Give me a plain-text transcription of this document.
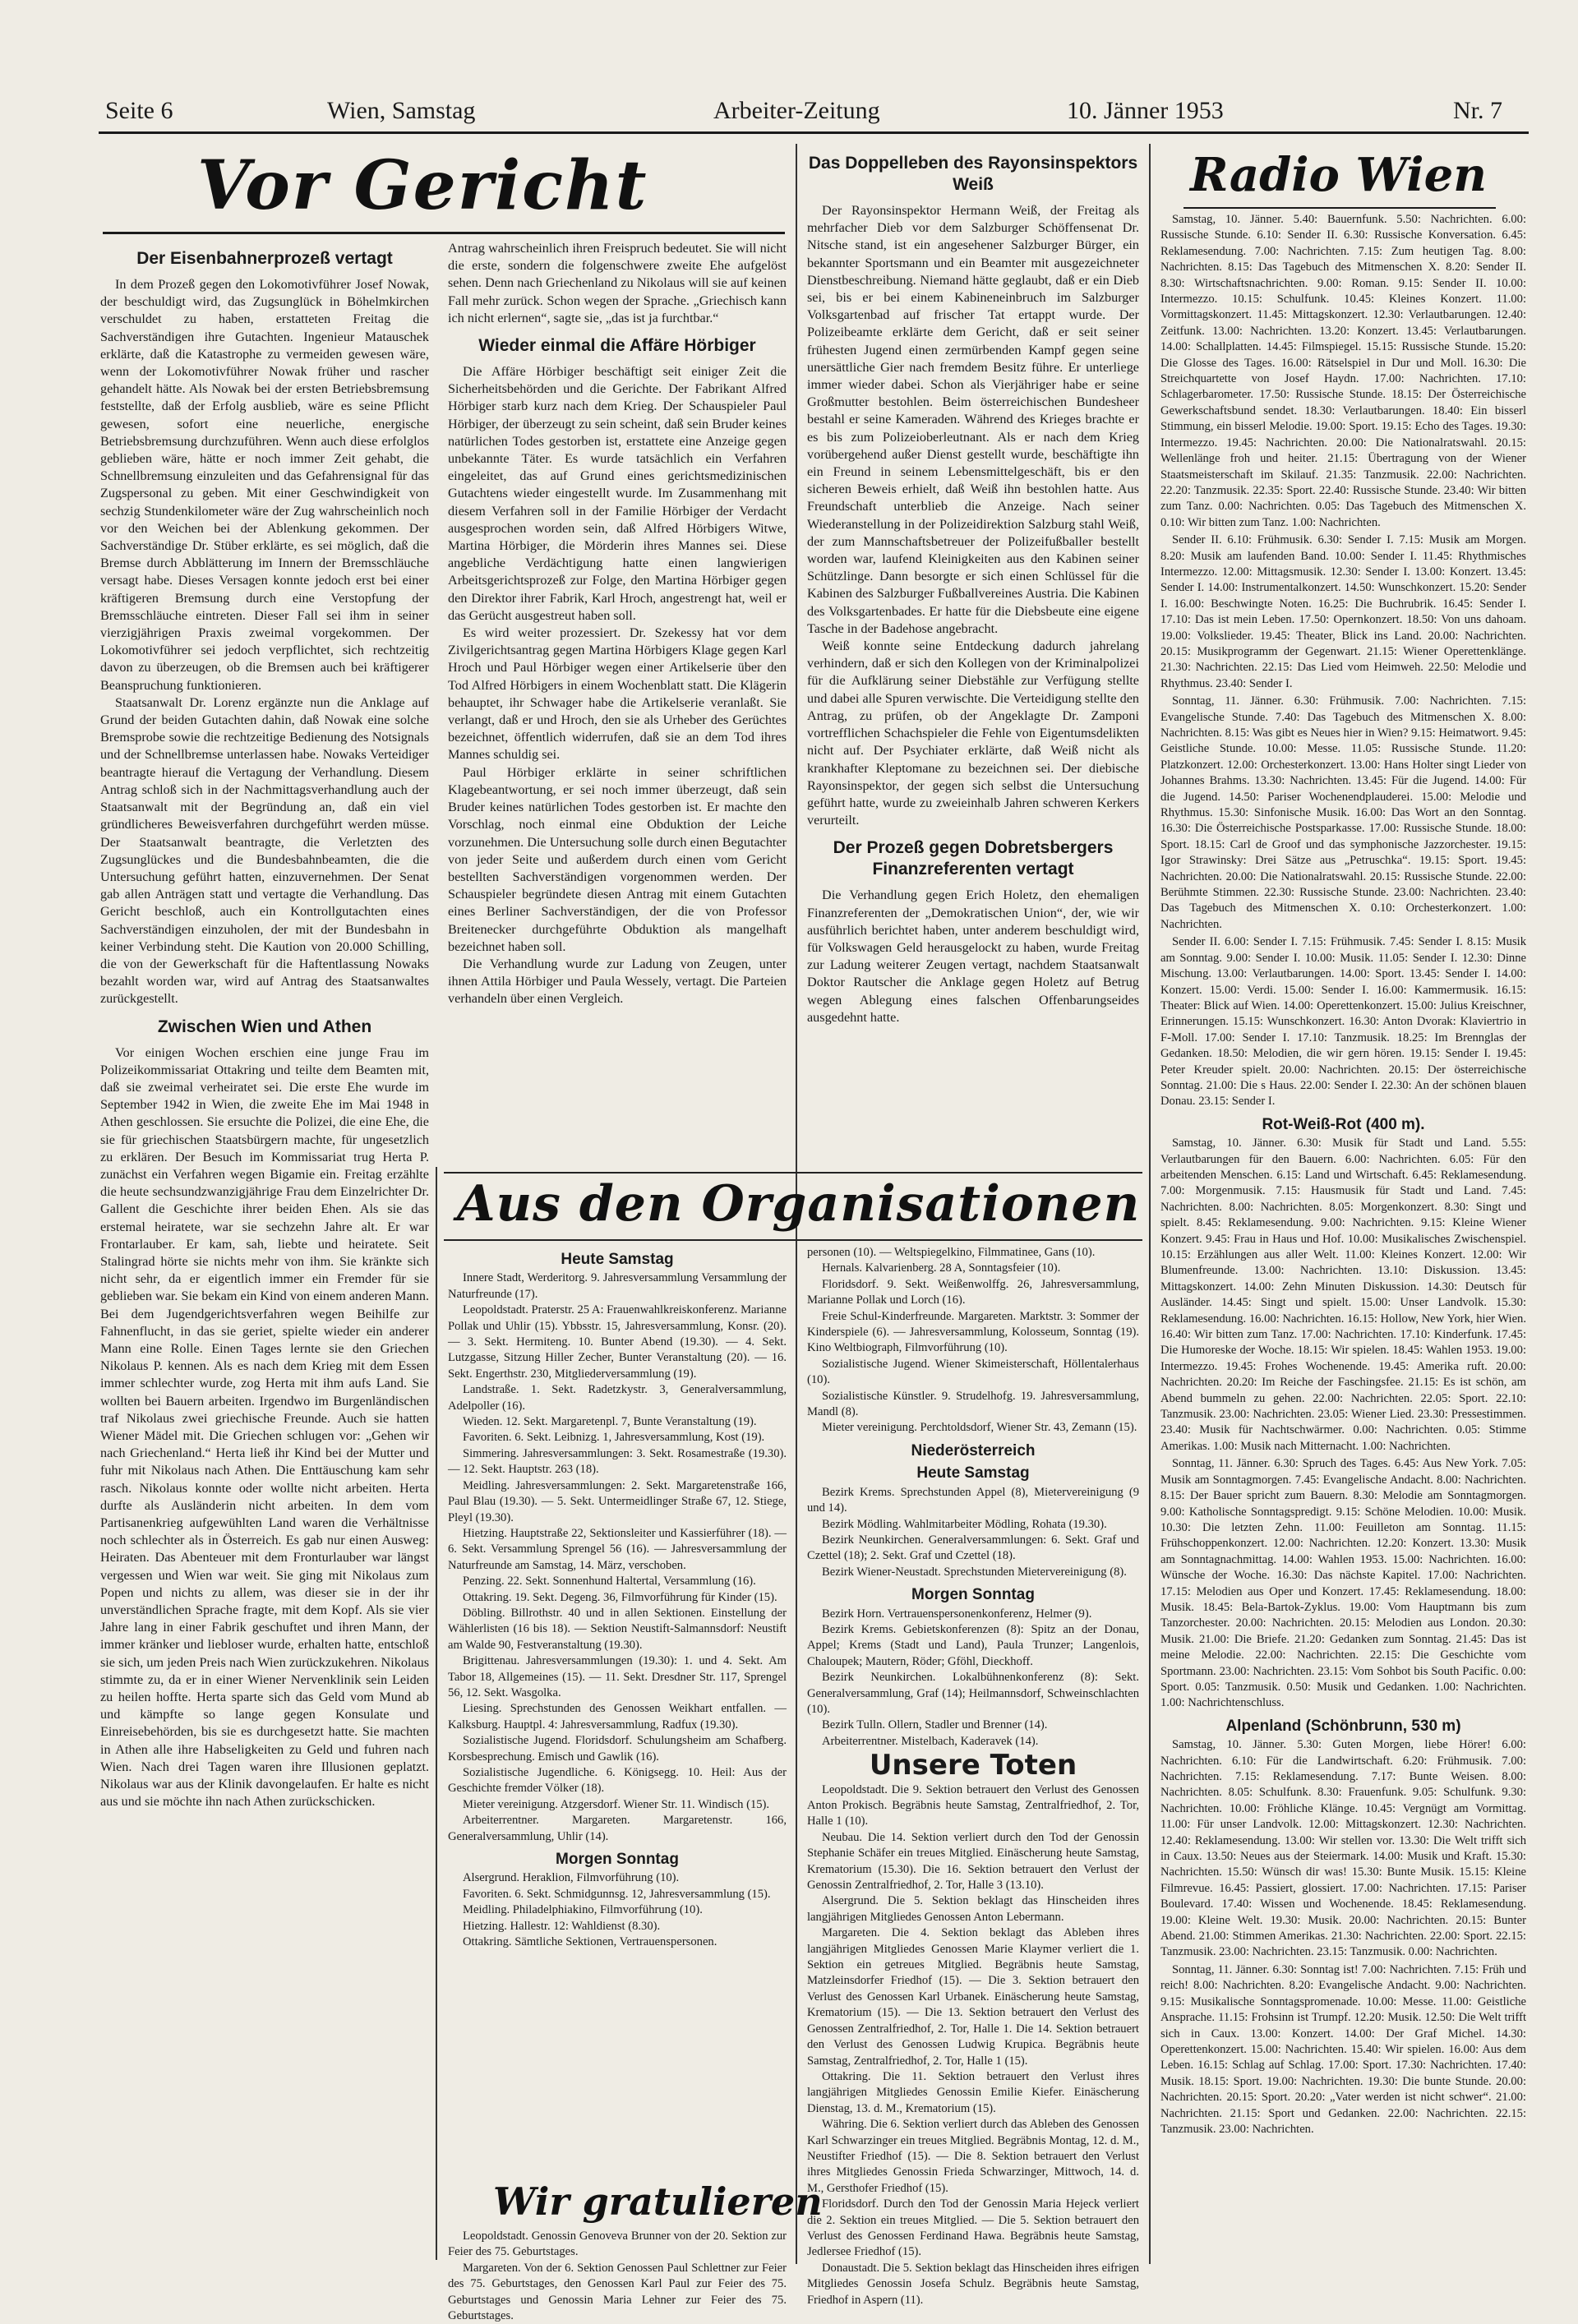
Seite 6	Wien, Samstag	Arbeiter-Zeitung	10. Jänner 1953	Nr. 7
Vor Gericht
Der Eisenbahnerprozeß vertagt

In dem Prozeß gegen den Lokomotivführer Josef Nowak, der beschuldigt wird, das Zugsunglück in Böhelmkirchen verschuldet zu haben, erstatteten Freitag die Sachverständigen ihre Gutachten. Ingenieur Matauschek erklärte, daß die Katastrophe zu vermeiden gewesen wäre, wenn der Lokomotivführer Nowak früher und rascher gehandelt hätte. Als Nowak bei der ersten Betriebsbremsung feststellte, daß der Erfolg ausblieb, wäre es seine Pflicht gewesen, sofort eine neuerliche, energische Betriebsbremsung durchzuführen. Wenn auch diese erfolglos geblieben wäre, hätte er noch immer Zeit gehabt, die Schnellbremsung einzuleiten und das Gefahrensignal für das Zugspersonal zu geben. Mit einer Geschwindigkeit von sechzig Stundenkilometer wäre der Zug wahrscheinlich noch vor den Weichen bei der Ablenkung gekommen. Der Sachverständige Dr. Stüber erklärte, es sei möglich, daß die Bremse durch Abblätterung im Innern der Bremsschläuche versagt habe. Dieses Versagen konnte jedoch erst bei einer kräftigeren Bremsung durch eine Verstopfung der Bremsschläuche eintreten. Dieser Fall sei ihm in seiner vierzigjährigen Praxis zweimal vorgekommen. Der Lokomotivführer sei jedoch verpflichtet, sich rechtzeitig davon zu überzeugen, ob die Bremsen auch bei kräftigerer Beanspruchung funktionieren.

Staatsanwalt Dr. Lorenz ergänzte nun die Anklage auf Grund der beiden Gutachten dahin, daß Nowak eine solche Bremsprobe sowie die rechtzeitige Bedienung des Notsignals und der Schnellbremse unterlassen habe. Nowaks Verteidiger beantragte hierauf die Vertagung der Verhandlung. Diesem Antrag schloß sich in der Nachmittagsverhandlung auch der Staatsanwalt mit der Begründung an, daß ein viel gründlicheres Beweisverfahren durchgeführt werden müsse. Der Staatsanwalt beantragte, die Verletzten des Zugsunglückes und die Bundesbahnbeamten, die die Untersuchung geführt hatten, einzuvernehmen. Der Senat gab allen Anträgen statt und vertagte die Verhandlung. Das Gericht beschloß, auch ein Kontrollgutachten eines Sachverständigen einzuholen, der mit der Bundesbahn in keiner Verbindung steht. Die Kaution von 20.000 Schilling, die von der Gewerkschaft für die Haftentlassung Nowaks bezahlt worden war, wird auf Antrag des Staatsanwaltes zurückgestellt.

Zwischen Wien und Athen

Vor einigen Wochen erschien eine junge Frau im Polizeikommissariat Ottakring und teilte dem Beamten mit, daß sie zweimal verheiratet sei. Die erste Ehe wurde im September 1942 in Wien, die zweite Ehe im Mai 1948 in Athen geschlossen. Sie ersuchte die Polizei, die eine Ehe, die sie für griechischen Staatsbürgern machte, für ungesetzlich zu erklären. Der Besuch im Kommissariat trug Herta P. zunächst ein Verfahren wegen Bigamie ein. Freitag erzählte die heute sechsundzwanzigjährige Frau dem Einzelrichter Dr. Gallent die Geschichte ihrer beiden Ehen. Als sie das erstemal heiratete, war sie sechzehn Jahre alt. Er war Frontarlauber. Er kam, sah, liebte und heiratete. Seit Stalingrad hörte sie nichts mehr von ihm. Sie kränkte sich nicht sehr, da er eigentlich immer ein Fremder für sie geblieben war. Sie bekam ein Kind von einem anderen Mann. Bei dem Jugendgerichtsverfahren wegen Beihilfe zur Fahnenflucht, in das sie geriet, spielte wieder ein anderer Mann eine Rolle. Einen Tages lernte sie den Griechen Nikolaus P. kennen. Als es nach dem Krieg mit dem Essen immer schlechter wurde, zog Herta mit ihm aufs Land. Sie wollten bei Bauern arbeiten. Irgendwo im Burgenländischen traf Nikolaus zwei griechische Freunde. Auch sie hatten Wiener Mädel mit. Die Griechen schlugen vor: „Gehen wir nach Griechenland.“ Herta ließ ihr Kind bei der Mutter und fuhr mit Nikolaus nach Athen. Die Enttäuschung kam sehr rasch. Nikolaus konnte oder wollte nicht arbeiten. Herta durfte als Ausländerin nicht arbeiten. In dem vom Partisanenkrieg aufgewühlten Land waren die Verhältnisse noch schlechter als in Österreich. Es gab nur einen Ausweg: Heiraten. Das Abenteuer mit dem Fronturlauber war längst vergessen und Wien war weit. Sie ging mit Nikolaus zum Popen und nichts zu allem, was dieser sie in der ihr unverständlichen Sprache fragte, mit dem Kopf. Als sie vier Jahre lang in einer Fabrik geschuftet und ihren Mann, der immer kränker und liebloser wurde, erhalten hatte, entschloß sie sich, um jeden Preis nach Wien zurückzukehren. Nikolaus stimmte zu, da er in einer Wiener Nervenklinik sein Leiden zu heilen hoffte. Herta sparte sich das Geld vom Mund ab und kämpfte so lange gegen Konsulate und Einreisebehörden, bis sie es durchgesetzt hatte. Sie machten in Athen alle ihre Habseligkeiten zu Geld und fuhren nach Wien. Nach drei Tagen waren ihre Illusionen geplatzt. Nikolaus war aus der Klinik davongelaufen. Er halte es nicht aus und sie möchte ihn nach Athen zurückschicken.

Antrag wahrscheinlich ihren Freispruch bedeutet. Sie will nicht die erste, sondern die folgenschwere zweite Ehe aufgelöst sehen. Denn nach Griechenland zu Nikolaus will sie auf keinen Fall mehr zurück. Schon wegen der Sprache. „Griechisch kann ich nicht erlernen“, sagte sie, „das ist ja furchtbar.“

Wieder einmal die Affäre Hörbiger

Die Affäre Hörbiger beschäftigt seit einiger Zeit die Sicherheitsbehörden und die Gerichte. Der Fabrikant Alfred Hörbiger starb kurz nach dem Krieg. Der Schauspieler Paul Hörbiger, der überzeugt zu sein scheint, daß sein Bruder keines natürlichen Todes gestorben ist, erstattete eine Anzeige gegen unbekannte Täter. Es wurde tatsächlich ein Verfahren eingeleitet, das auf Grund eines gerichtsmedizinischen Gutachtens wieder eingestellt wurde. Im Zusammenhang mit diesem Verfahren soll in der Familie Hörbiger der Verdacht ausgesprochen worden sein, daß Alfred Hörbigers Witwe, Martina Hörbiger, die Mörderin ihres Mannes sei. Diese angebliche Verdächtigung hatte einen langwierigen Arbeitsgerichtsprozeß zur Folge, den Martina Hörbiger gegen den Direktor ihrer Fabrik, Karl Hroch, angestrengt hat, weil er das Gerücht ausgestreut haben soll.

Es wird weiter prozessiert. Dr. Szekessy hat vor dem Zivilgerichtsantrag gegen Martina Hörbigers Klage gegen Karl Hroch und Paul Hörbiger wegen einer Artikelserie über den Tod Alfred Hörbigers in einem Wochenblatt statt. Die Klägerin behauptet, ihr Schwager habe die Artikelserie veranlaßt. Sie verlangt, daß er und Hroch, den sie als Urheber des Gerüchtes bezeichnet, öffentlich widerrufen, daß sie an dem Tod ihres Mannes schuldig sei.

Paul Hörbiger erklärte in seiner schriftlichen Klagebeantwortung, er sei noch immer überzeugt, daß sein Bruder keines natürlichen Todes gestorben ist. Er machte den Vorschlag, noch einmal eine Obduktion der Leiche vorzunehmen. Die Untersuchung solle durch einen Begutachter von jeder Seite und außerdem durch einen vom Gericht bestellten Sachverständigen vorgenommen werden. Der Schauspieler begründete diesen Antrag mit einem Gutachten eines Berliner Sachverständigen, der die von Professor Breitenecker durchgeführte Obduktion als mangelhaft bezeichnet haben soll.

Die Verhandlung wurde zur Ladung von Zeugen, unter ihnen Attila Hörbiger und Paula Wessely, vertagt. Die Parteien verhandeln über einen Vergleich.

Das Doppelleben des Rayonsinspektors Weiß

Der Rayonsinspektor Hermann Weiß, der Freitag als mehrfacher Dieb vor dem Salzburger Schöffensenat Dr. Nitsche stand, ist ein angesehener Salzburger Bürger, ein bekannter Sportsmann und ein Beamter mit ausgezeichneter Dienstbeschreibung. Niemand hätte geglaubt, daß er ein Dieb sei, bis er bei einem Kabineneinbruch im Salzburger Volksgartenbad auf frischer Tat ertappt wurde. Der Polizeibeamte erklärte dem Gericht, daß er seit seiner frühesten Jugend einen zermürbenden Kampf gegen seine unersättliche Gier nach fremdem Besitz führe. Er unterliege immer wieder dabei. Schon als Vierjähriger habe er seine Großmutter bestohlen. Beim österreichischen Bundesheer bestahl er seine Kameraden. Während des Krieges brachte er es bis zum Polizeioberleutnant. Als er nach dem Krieg vorübergehend außer Dienst gestellt wurde, beschäftigte ihn ein Freund in seinem Lebensmittelgeschäft, bis er den sicheren Beweis erhielt, daß Weiß ihn bestohlen hatte. Aus Freundschaft unterblieb die Anzeige. Nach seiner Wiederanstellung in der Polizeidirektion Salzburg stahl Weiß, der zum Mannschaftsbetreuer der Polizeifußballer bestellt worden war, laufend Kleinigkeiten aus den Kabinen seiner Schützlinge. Dann besorgte er sich einen Schlüssel für die Kabinen des Salzburger Fußballvereines Austria. Die Kabinen des Volksgartenbades. Er hatte für die Diebsbeute eine eigene Tasche in der Badehose angebracht.

Weiß konnte seine Entdeckung dadurch jahrelang verhindern, daß er sich den Kollegen von der Kriminalpolizei für die Aufklärung seiner Diebstähle zur Verfügung stellte und dabei alle Spuren verwischte. Die Verteidigung stellte den Antrag, zu prüfen, ob der Angeklagte Dr. Zamponi vortrefflichen Schachspieler die Fehle von Eigentumsdelikten nicht auf. Der Psychiater erklärte, daß Weiß nicht als krankhafter Kleptomane zu bezeichnen sei. Der diebische Rayonsinspektor, der gegen sich selbst die Untersuchung geführt hatte, wurde zu zweieinhalb Jahren schweren Kerkers verurteilt.

Der Prozeß gegen Dobretsbergers Finanzreferenten vertagt

Die Verhandlung gegen Erich Holetz, den ehemaligen Finanzreferenten der „Demokratischen Union“, der, wie wir ausführlich berichtet haben, unter anderem beschuldigt wird, für Volkswagen Geld herausgelockt zu haben, wurde Freitag zur Ladung weiterer Zeugen vertagt, nachdem Staatsanwalt Doktor Rautscher die Anklage gegen Holetz auf Betrug wegen Ablegung eines falschen Offenbarungseides ausgedehnt hatte.

Radio Wien

Samstag, 10. Jänner. 5.40: Bauernfunk. 5.50: Nachrichten. 6.00: Russische Stunde. 6.10: Sender II. 6.30: Russische Konversation. 6.45: Reklamesendung. 7.00: Nachrichten. 7.15: Zum heutigen Tag. 8.00: Nachrichten. 8.15: Das Tagebuch des Mitmenschen X. 8.20: Sender II. 8.30: Wirtschaftsnachrichten. 9.00: Roman. 9.15: Sender II. 10.00: Intermezzo. 10.15: Schulfunk. 10.45: Kleines Konzert. 11.00: Vormittagskonzert. 11.45: Mittagskonzert. 12.30: Verlautbarungen. 12.40: Zeitfunk. 13.00: Nachrichten. 13.20: Konzert. 13.45: Verlautbarungen. 14.00: Schallplatten. 14.45: Filmspiegel. 15.15: Russische Stunde. 15.20: Die Glosse des Tages. 16.00: Rätselspiel in Dur und Moll. 16.30: Die Streichquartette von Josef Haydn. 17.00: Nachrichten. 17.10: Schlagerbarometer. 17.50: Russische Stunde. 18.15: Der Österreichische Gewerkschaftsbund sendet. 18.30: Verlautbarungen. 18.40: Ein bisserl Stimmung, ein bisserl Melodie. 19.00: Sport. 19.15: Echo des Tages. 19.30: Intermezzo. 19.45: Nachrichten. 20.00: Die Nationalratswahl. 20.15: Wellenlänge froh und heiter. 21.15: Übertragung von der Wiener Staatsmeisterschaft im Skilauf. 21.35: Tanzmusik. 22.00: Nachrichten. 22.20: Tanzmusik. 22.35: Sport. 22.40: Russische Stunde. 23.40: Wir bitten zum Tanz. 0.00: Nachrichten. 0.05: Das Tagebuch des Mitmenschen X. 0.10: Wir bitten zum Tanz. 1.00: Nachrichten.

Sender II. 6.10: Frühmusik. 6.30: Sender I. 7.15: Musik am Morgen. 8.20: Musik am laufenden Band. 10.00: Sender I. 11.45: Rhythmisches Intermezzo. 12.00: Mittagsmusik. 12.30: Sender I. 13.00: Konzert. 13.45: Sender I. 14.00: Instrumentalkonzert. 14.50: Wunschkonzert. 15.20: Sender I. 16.00: Beschwingte Noten. 16.25: Die Buchrubrik. 16.45: Sender I. 17.10: Das ist mein Leben. 17.50: Opernkonzert. 18.50: Von uns dahoam. 19.00: Volkslieder. 19.45: Theater, Blick ins Land. 20.00: Nachrichten. 20.15: Musikprogramm der Gegenwart. 21.15: Wiener Operettenklänge. 21.30: Nachrichten. 22.15: Das Lied vom Heimweh. 22.50: Melodie und Rhythmus. 23.40: Sender I.

Sonntag, 11. Jänner. 6.30: Frühmusik. 7.00: Nachrichten. 7.15: Evangelische Stunde. 7.40: Das Tagebuch des Mitmenschen X. 8.00: Nachrichten. 8.15: Was gibt es Neues hier in Wien? 9.15: Heimatwort. 9.45: Geistliche Stunde. 10.00: Messe. 11.05: Russische Stunde. 11.20: Platzkonzert. 12.00: Orchesterkonzert. 13.00: Hans Holter singt Lieder von Johannes Brahms. 13.30: Nachrichten. 13.45: Für die Jugend. 14.00: Für die Jugend. 14.50: Pariser Wochenendplauderei. 15.00: Melodie und Rhythmus. 15.30: Sinfonische Musik. 16.00: Das Wort an den Sonntag. 16.30: Die Österreichische Postsparkasse. 17.00: Russische Stunde. 18.00: Sport. 18.15: Carl de Groof und das symphonische Jazzorchester. 19.15: Igor Strawinsky: Drei Sätze aus „Petruschka“. 19.15: Sport. 19.45: Nachrichten. 20.00: Die Nationalratswahl. 20.15: Russische Stunde. 22.00: Berühmte Stimmen. 22.30: Russische Stunde. 23.00: Nachrichten. 23.40: Das Tagebuch des Mitmenschen X. 0.10: Orchesterkonzert. 1.00: Nachrichten.

Sender II. 6.00: Sender I. 7.15: Frühmusik. 7.45: Sender I. 8.15: Musik am Sonntag. 9.00: Sender I. 10.00: Musik. 11.05: Sender I. 12.30: Dinne Mischung. 13.00: Verlautbarungen. 14.00: Sport. 13.45: Sender I. 14.00: Konzert. 15.00: Verdi. 15.00: Sender I. 16.00: Kammermusik. 16.15: Theater: Blick auf Wien. 14.00: Operettenkonzert. 15.00: Julius Kreischner, Erinnerungen. 15.15: Wunschkonzert. 16.30: Anton Dvorak: Klaviertrio in F-Moll. 17.00: Sender I. 17.10: Tanzmusik. 18.25: Im Brennglas der Gedanken. 18.50: Melodien, die wir gern hören. 19.15: Sender I. 19.45: Peter Kreuder spielt. 20.00: Nachrichten. 20.15: Der österreichische Sonntag. 21.00: Die s Haus. 22.00: Sender I. 22.30: An der schönen blauen Donau. 23.15: Sender I.

Rot-Weiß-Rot (400 m).

Samstag, 10. Jänner. 6.30: Musik für Stadt und Land. 5.55: Verlautbarungen für den Bauern. 6.00: Nachrichten. 6.05: Für den arbeitenden Menschen. 6.15: Land und Wirtschaft. 6.45: Reklamesendung. 7.00: Morgenmusik. 7.15: Hausmusik für Stadt und Land. 7.45: Nachrichten. 8.00: Nachrichten. 8.05: Morgenkonzert. 8.30: Singt und spielt. 8.45: Reklamesendung. 9.00: Nachrichten. 9.15: Kleine Wiener Konzert. 9.45: Frau in Haus und Hof. 10.00: Musikalisches Zwischenspiel. 10.15: Erzählungen aus aller Welt. 11.00: Kleines Konzert. 12.00: Wir Blumenfreunde. 13.00: Nachrichten. 13.10: Diskussion. 13.45: Mittagskonzert. 14.00: Zehn Minuten Diskussion. 14.30: Deutsch für Ausländer. 14.45: Singt und spielt. 15.00: Unser Landvolk. 15.30: Reklamesendung. 16.00: Nachrichten. 16.15: Hollow, New York, hier Wien. 16.40: Wir bitten zum Tanz. 17.00: Nachrichten. 17.10: Kinderfunk. 17.45: Die Humoreske der Woche. 18.15: Wir spielen. 18.45: Wahlen 1953. 19.00: Intermezzo. 19.45: Frohes Wochenende. 19.45: Amerika ruft. 20.00: Nachrichten. 20.20: Im Reiche der Faschingsfee. 21.15: Es ist schön, am Abend bummeln zu gehen. 22.00: Nachrichten. 22.05: Sport. 22.10: Tanzmusik. 23.00: Nachrichten. 23.05: Wiener Lied. 23.30: Pressestimmen. 23.40: Musik für Nachtschwärmer. 0.00: Nachrichten. 0.05: Stimme Amerikas. 1.00: Musik nach Mitternacht. 1.00: Nachrichten.

Sonntag, 11. Jänner. 6.30: Spruch des Tages. 6.45: Aus New York. 7.05: Musik am Sonntagmorgen. 7.45: Evangelische Andacht. 8.00: Nachrichten. 8.15: Der Bauer spricht zum Bauern. 8.30: Melodie am Sonntagmorgen. 9.00: Katholische Sonntagspredigt. 9.15: Schöne Melodien. 10.00: Musik. 10.30: Die letzten Zehn. 11.00: Feuilleton am Sonntag. 11.15: Frühschoppenkonzert. 12.00: Nachrichten. 12.20: Konzert. 13.30: Musik am Sonntagnachmittag. 14.00: Wahlen 1953. 15.00: Nachrichten. 16.00: Wünsche der Woche. 16.30: Das nächste Kapitel. 17.00: Nachrichten. 17.15: Melodien aus Oper und Konzert. 17.45: Reklamesendung. 18.00: Musik. 18.45: Bela-Bartok-Zyklus. 19.00: Vom Hauptmann bis zum Tanzorchester. 20.00: Nachrichten. 20.15: Melodien aus London. 20.30: Musik. 21.00: Die Briefe. 21.20: Gedanken zum Sonntag. 21.45: Das ist meine Melodie. 22.00: Nachrichten. 22.15: Die Geschichte vom Sportmann. 23.00: Nachrichten. 23.15: Vom Sohbot bis South Pacific. 0.00: Sport. 0.05: Tanzmusik. 0.50: Musik und Gedanken. 1.00: Nachrichten. 1.00: Nachrichtenschluss.

Alpenland (Schönbrunn, 530 m)

Samstag, 10. Jänner. 5.30: Guten Morgen, liebe Hörer! 6.00: Nachrichten. 6.10: Für die Landwirtschaft. 6.20: Frühmusik. 7.00: Nachrichten. 7.15: Reklamesendung. 7.17: Bunte Weisen. 8.00: Nachrichten. 8.05: Schulfunk. 8.30: Frauenfunk. 9.05: Schulfunk. 9.30: Nachrichten. 10.00: Fröhliche Klänge. 10.45: Vergnügt am Vormittag. 11.00: Für unser Landvolk. 12.00: Mittagskonzert. 12.30: Nachrichten. 12.40: Reklamesendung. 13.00: Wir stellen vor. 13.30: Die Welt trifft sich in Caux. 13.50: Neues aus der Steiermark. 14.00: Musik und Kraft. 15.30: Nachrichten. 15.50: Wünsch dir was! 15.30: Bunte Musik. 15.15: Kleine Filmrevue. 16.45: Passiert, glossiert. 17.00: Nachrichten. 17.15: Pariser Boulevard. 17.40: Wissen und Wochenende. 18.45: Reklamesendung. 19.00: Kleine Welt. 19.30: Musik. 20.00: Nachrichten. 20.15: Bunter Abend. 21.00: Stimmen Amerikas. 21.30: Nachrichten. 22.00: Sport. 22.15: Tanzmusik. 23.00: Nachrichten. 23.15: Tanzmusik. 0.00: Nachrichten.

Sonntag, 11. Jänner. 6.30: Sonntag ist! 7.00: Nachrichten. 7.15: Früh und reich! 8.00: Nachrichten. 8.20: Evangelische Andacht. 9.00: Nachrichten. 9.15: Musikalische Sonntagspromenade. 10.00: Messe. 11.00: Geistliche Ansprache. 11.15: Frohsinn ist Trumpf. 12.20: Musik. 12.50: Die Welt trifft sich in Caux. 13.00: Konzert. 14.00: Der Graf Michel. 14.30: Operettenkonzert. 15.00: Nachrichten. 15.40: Wir spielen. 16.00: Aus dem Leben. 16.15: Schlag auf Schlag. 17.00: Sport. 17.30: Nachrichten. 17.40: Musik. 18.15: Sport. 19.00: Nachrichten. 19.30: Die bunte Stunde. 20.00: Nachrichten. 20.15: Sport. 20.20: „Vater werden ist nicht schwer“. 21.00: Nachrichten. 21.15: Sport und Gedanken. 22.00: Nachrichten. 22.15: Tanzmusik. 23.00: Nachrichten.

Aus den Organisationen
Heute Samstag

Innere Stadt, Werderitorg. 9. Jahresversammlung Versammlung der Naturfreunde (17).

Leopoldstadt. Praterstr. 25 A: Frauenwahlkreiskonferenz. Marianne Pollak und Uhlir (15). Ybbsstr. 15, Jahresversammlung, Konsr. (20). — 3. Sekt. Hermiteng. 10. Bunter Abend (19.30). — 4. Sekt. Lutzgasse, Sitzung Hiller Zecher, Bunter Veranstaltung (20). — 16. Sekt. Engerthstr. 230, Mitgliederversammlung (19).

Landstraße. 1. Sekt. Radetzkystr. 3, Generalversammlung, Adelpoller (16).

Wieden. 12. Sekt. Margaretenpl. 7, Bunte Veranstaltung (19).

Favoriten. 6. Sekt. Leibnizg. 1, Jahresversammlung, Kost (19).

Simmering. Jahresversammlungen: 3. Sekt. Rosamestraße (19.30). — 12. Sekt. Hauptstr. 263 (18).

Meidling. Jahresversammlungen: 2. Sekt. Margaretenstraße 166, Paul Blau (19.30). — 5. Sekt. Untermeidlinger Straße 67, 12. Stiege, Pleyl (19.30).

Hietzing. Hauptstraße 22, Sektionsleiter und Kassierführer (18). — 6. Sekt. Versammlung Sprengel 56 (16). — Jahresversammlung der Naturfreunde am Samstag, 14. März, verschoben.

Penzing. 22. Sekt. Sonnenhund Haltertal, Versammlung (16).

Ottakring. 19. Sekt. Degeng. 36, Filmvorführung für Kinder (15).

Döbling. Billrothstr. 40 und in allen Sektionen. Einstellung der Wählerlisten (16 bis 18). — Sektion Neustift-Salmannsdorf: Neustift am Walde 90, Festveranstaltung (19.30).

Brigittenau. Jahresversammlungen (19.30): 1. und 4. Sekt. Am Tabor 18, Allgemeines (15). — 11. Sekt. Dresdner Str. 117, Sprengel 56, 12. Sekt. Wasgolka.

Liesing. Sprechstunden des Genossen Weikhart entfallen. — Kalksburg. Hauptpl. 4: Jahresversammlung, Radfux (19.30).

Sozialistische Jugend. Floridsdorf. Schulungsheim am Schafberg. Korsbesprechung. Emisch und Gawlik (16).

Sozialistische Jugendliche. 6. Königsegg. 10. Heil: Aus der Geschichte fremder Völker (18).

Mieter vereinigung. Atzgersdorf. Wiener Str. 11. Windisch (15).

Arbeiterrentner. Margareten. Margaretenstr. 166, Generalversammlung, Uhlir (14).

Morgen Sonntag

Alsergrund. Heraklion, Filmvorführung (10).

Favoriten. 6. Sekt. Schmidgunnsg. 12, Jahresversammlung (15).

Meidling. Philadelphiakino, Filmvorführung (10).

Hietzing. Hallestr. 12: Wahldienst (8.30).

Ottakring. Sämtliche Sektionen, Vertrauenspersonen.

Wir gratulieren

Leopoldstadt. Genossin Genoveva Brunner von der 20. Sektion zur Feier des 75. Geburtstages.

Margareten. Von der 6. Sektion Genossen Paul Schlettner zur Feier des 75. Geburtstages, den Genossen Karl Paul zur Feier des 75. Geburtstages und Genossin Maria Lehner zur Feier des 75. Geburtstages.

personen (10). — Weltspiegelkino, Filmmatinee, Gans (10).

Hernals. Kalvarienberg. 28 A, Sonntagsfeier (10).

Floridsdorf. 9. Sekt. Weißenwolffg. 26, Jahresversammlung, Marianne Pollak und Lorch (16).

Freie Schul-Kinderfreunde. Margareten. Marktstr. 3: Sommer der Kinderspiele (6). — Jahresversammlung, Kolosseum, Sonntag (19). Kino Weltbiograph, Filmvorführung (10).

Sozialistische Jugend. Wiener Skimeisterschaft, Höllentalerhaus (10).

Sozialistische Künstler. 9. Strudelhofg. 19. Jahresversammlung, Mandl (8).

Mieter vereinigung. Perchtoldsdorf, Wiener Str. 43, Zemann (15).

Niederösterreich
Heute Samstag

Bezirk Krems. Sprechstunden Appel (8), Mietervereinigung (9 und 14).

Bezirk Mödling. Wahlmitarbeiter Mödling, Rohata (19.30).

Bezirk Neunkirchen. Generalversammlungen: 6. Sekt. Graf und Czettel (18); 2. Sekt. Graf und Czettel (18).

Bezirk Wiener-Neustadt. Sprechstunden Mietervereinigung (8).

Morgen Sonntag

Bezirk Horn. Vertrauenspersonenkonferenz, Helmer (9).

Bezirk Krems. Gebietskonferenzen (8): Spitz an der Donau, Appel; Krems (Stadt und Land), Paula Trunzer; Langenlois, Chaloupek; Mautern, Röder; Gföhl, Dieckhoff.

Bezirk Neunkirchen. Lokalbühnenkonferenz (8): Sekt. Generalversammlung, Graf (14); Heilmannsdorf, Schweinschlachten (10).

Bezirk Tulln. Ollern, Stadler und Brenner (14).

Arbeiterrentner. Mistelbach, Kaderavek (14).

Unsere Toten

Leopoldstadt. Die 9. Sektion betrauert den Verlust des Genossen Anton Prokisch. Begräbnis heute Samstag, Zentralfriedhof, 2. Tor, Halle 1 (10).

Neubau. Die 14. Sektion verliert durch den Tod der Genossin Stephanie Schäfer ein treues Mitglied. Einäscherung heute Samstag, Krematorium (15.30). Die 16. Sektion betrauert den Verlust der Genossin Zentralfriedhof, 2. Tor, Halle 3 (13.10).

Alsergrund. Die 5. Sektion beklagt das Hinscheiden ihres langjährigen Mitgliedes Genossen Anton Lebermann.

Margareten. Die 4. Sektion beklagt das Ableben ihres langjährigen Mitgliedes Genossen Marie Klaymer verliert die 1. Sektion ein getreues Mitglied. Begräbnis heute Samstag, Matzleinsdorfer Friedhof (15). — Die 3. Sektion betrauert den Verlust des Genossen Karl Urbanek. Einäscherung heute Samstag, Krematorium (15). — Die 13. Sektion betrauert den Verlust des Genossen Zentralfriedhof, 2. Tor, Halle 1. Die 14. Sektion betrauert den Verlust des Genossen Ludwig Krupica. Begräbnis heute Samstag, Zentralfriedhof, 2. Tor, Halle 1 (15).

Ottakring. Die 11. Sektion betrauert den Verlust ihres langjährigen Mitgliedes Genossin Emilie Kiefer. Einäscherung Dienstag, 13. d. M., Krematorium (15).

Währing. Die 6. Sektion verliert durch das Ableben des Genossen Karl Schwarzinger ein treues Mitglied. Begräbnis Montag, 12. d. M., Neustifter Friedhof (15). — Die 8. Sektion betrauert den Verlust ihres Mitgliedes Genossin Frieda Schwarzinger, Mittwoch, 14. d. M., Gersthofer Friedhof (15).

Floridsdorf. Durch den Tod der Genossin Maria Hejeck verliert die 2. Sektion ein treues Mitglied. — Die 5. Sektion betrauert den Verlust des Genossen Ferdinand Hawa. Begräbnis heute Samstag, Jedlersee Friedhof (15).

Donaustadt. Die 5. Sektion beklagt das Hinscheiden ihres eifrigen Mitgliedes Genossin Josefa Schulz. Begräbnis heute Samstag, Friedhof in Aspern (11).
